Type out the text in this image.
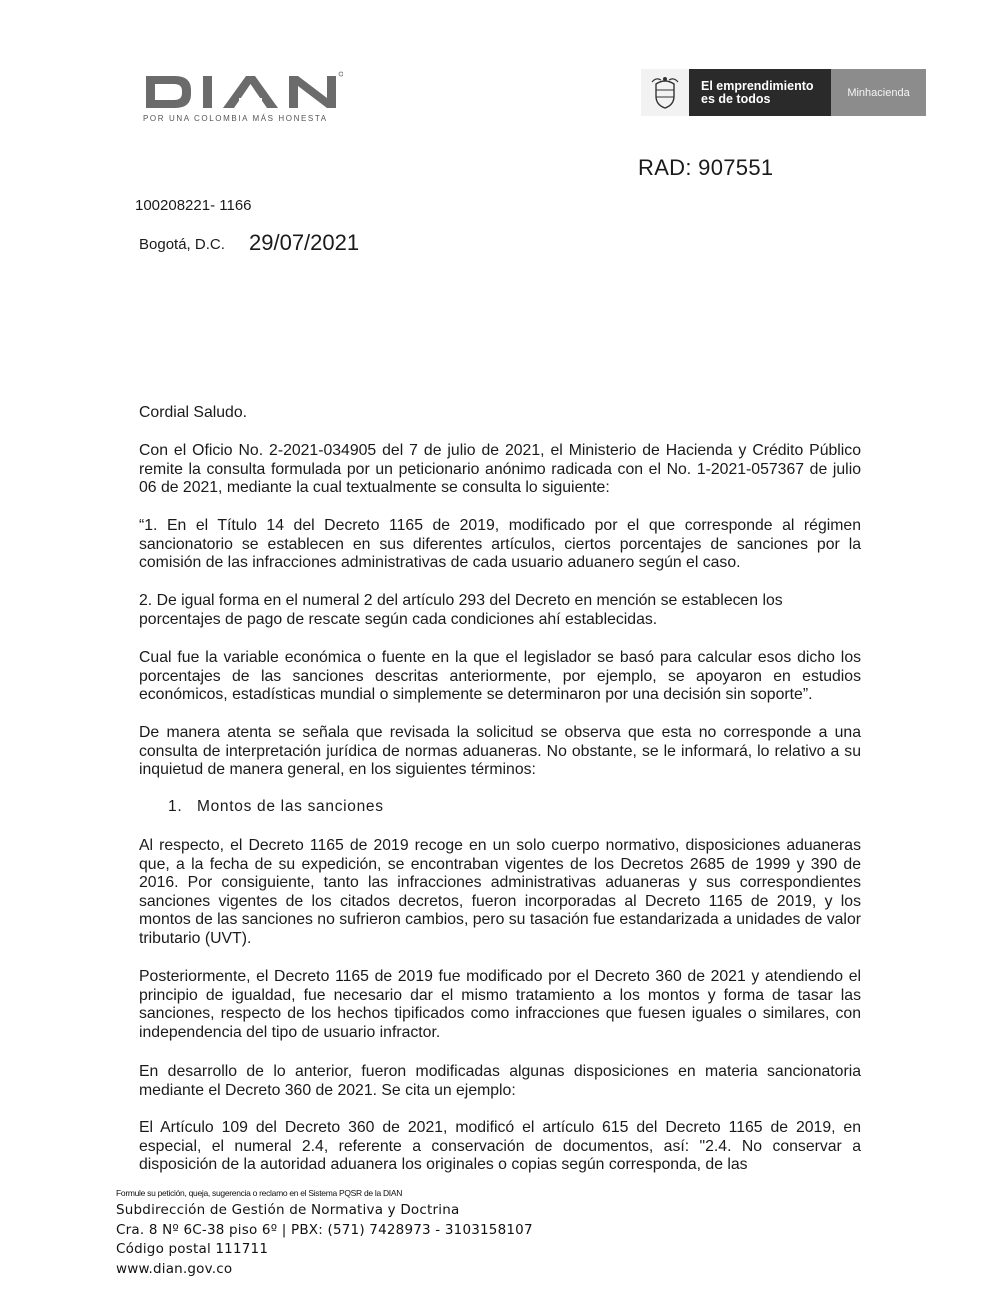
POR UNA COLOMBIA MÁS HONESTA
El emprendimiento
es de todos	Minhacienda
RAD: 907551
100208221- 1166
Bogotá, D.C. 29/07/2021

Cordial Saludo.

Con el Oficio No. 2-2021-034905 del 7 de julio de 2021, el Ministerio de Hacienda y Crédito Público remite la consulta formulada por un peticionario anónimo radicada con el No. 1-2021-057367 de julio 06 de 2021, mediante la cual textualmente se consulta lo siguiente:

“1. En el Título 14 del Decreto 1165 de 2019, modificado por el que corresponde al régimen sancionatorio se establecen en sus diferentes artículos, ciertos porcentajes de sanciones por la comisión de las infracciones administrativas de cada usuario aduanero según el caso.

2. De igual forma en el numeral 2 del artículo 293 del Decreto en mención se establecen los porcentajes de pago de rescate según cada condiciones ahí establecidas.

Cual fue la variable económica o fuente en la que el legislador se basó para calcular esos dicho los porcentajes de las sanciones descritas anteriormente, por ejemplo, se apoyaron en estudios económicos, estadísticas mundial o simplemente se determinaron por una decisión sin soporte”.

De manera atenta se señala que revisada la solicitud se observa que esta no corresponde a una consulta de interpretación jurídica de normas aduaneras. No obstante, se le informará, lo relativo a su inquietud de manera general, en los siguientes términos:

1. Montos de las sanciones

Al respecto, el Decreto 1165 de 2019 recoge en un solo cuerpo normativo, disposiciones aduaneras que, a la fecha de su expedición, se encontraban vigentes de los Decretos 2685 de 1999 y 390 de 2016. Por consiguiente, tanto las infracciones administrativas aduaneras y sus correspondientes sanciones vigentes de los citados decretos, fueron incorporadas al Decreto 1165 de 2019, y los montos de las sanciones no sufrieron cambios, pero su tasación fue estandarizada a unidades de valor tributario (UVT).

Posteriormente, el Decreto 1165 de 2019 fue modificado por el Decreto 360 de 2021 y atendiendo el principio de igualdad, fue necesario dar el mismo tratamiento a los montos y forma de tasar las sanciones, respecto de los hechos tipificados como infracciones que fuesen iguales o similares, con independencia del tipo de usuario infractor.

En desarrollo de lo anterior, fueron modificadas algunas disposiciones en materia sancionatoria mediante el Decreto 360 de 2021. Se cita un ejemplo:

El Artículo 109 del Decreto 360 de 2021, modificó el artículo 615 del Decreto 1165 de 2019, en especial, el numeral 2.4, referente a conservación de documentos, así: "2.4. No conservar a disposición de la autoridad aduanera los originales o copias según corresponda, de las

Formule su petición, queja, sugerencia o reclamo en el Sistema PQSR de la DIAN
Subdirección de Gestión de Normativa y Doctrina
Cra. 8 Nº 6C-38 piso 6º | PBX: (571) 7428973 - 3103158107
Código postal 111711
www.dian.gov.co
